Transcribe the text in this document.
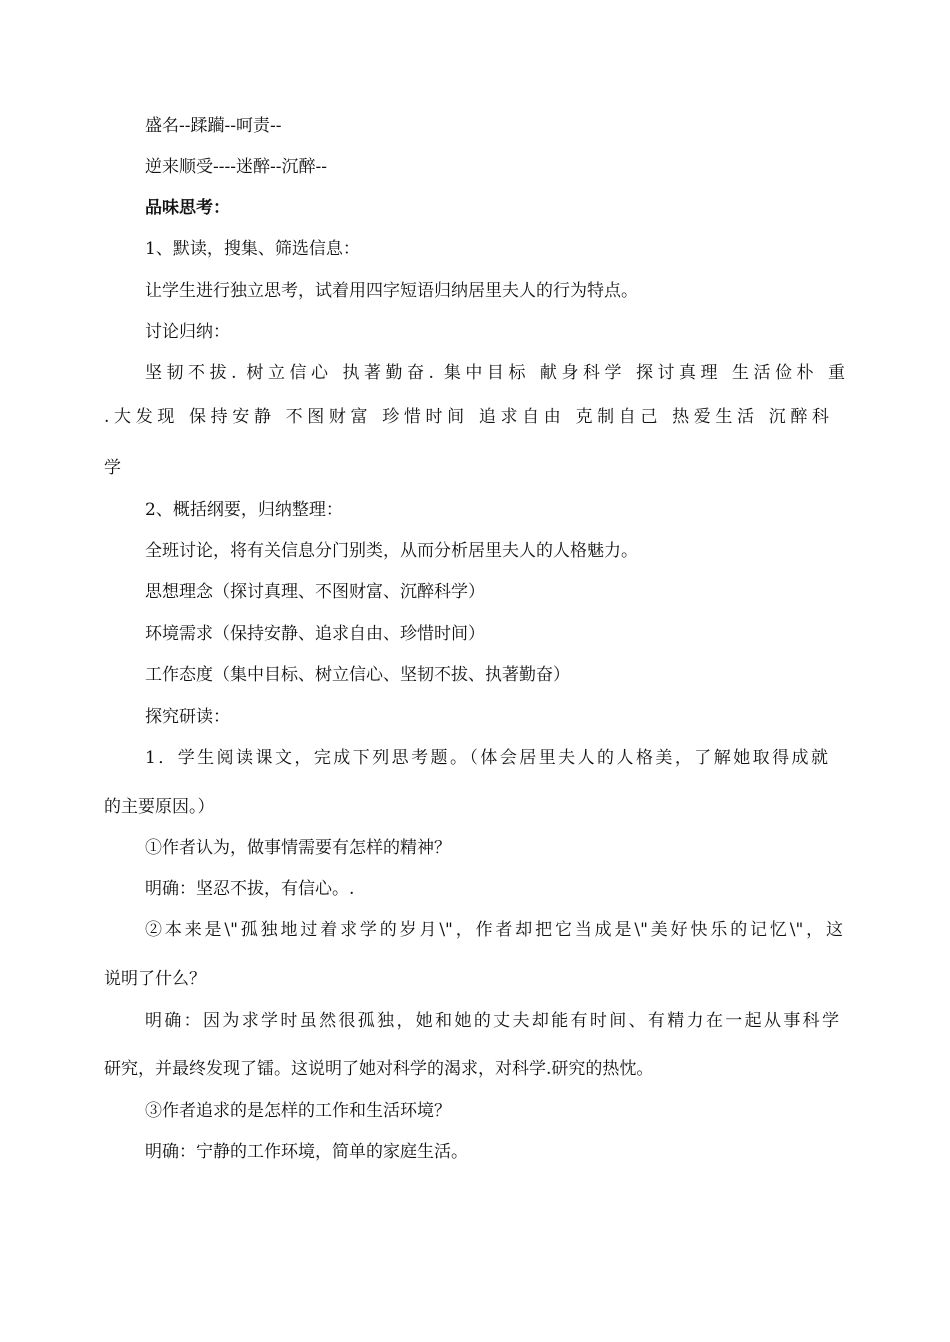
盛名--蹂躏--呵责--
逆来顺受----迷醉--沉醉--
品味思考：
1、默读，搜集、筛选信息：
让学生进行独立思考，试着用四字短语归纳居里夫人的行为特点。
讨论归纳：
坚韧不拔. 树立信心 执著勤奋. 集中目标 献身科学 探讨真理 生活俭朴 重
.大发现 保持安静 不图财富 珍惜时间 追求自由 克制自己 热爱生活 沉醉科
学
2、概括纲要，归纳整理：
全班讨论，将有关信息分门别类，从而分析居里夫人的人格魅力。
思想理念（探讨真理、不图财富、沉醉科学）
环境需求（保持安静、追求自由、珍惜时间）
工作态度（集中目标、树立信心、坚韧不拔、执著勤奋）
探究研读：
1．学生阅读课文，完成下列思考题。（体会居里夫人的人格美，了解她取得成就
的主要原因。）
①作者认为，做事情需要有怎样的精神？
明确：坚忍不拔，有信心。.
②本来是\"孤独地过着求学的岁月\"，作者却把它当成是\"美好快乐的记忆\"，这
说明了什么？
明确：因为求学时虽然很孤独，她和她的丈夫却能有时间、有精力在一起从事科学
研究，并最终发现了镭。这说明了她对科学的渴求，对科学.研究的热忱。
③作者追求的是怎样的工作和生活环境？
明确：宁静的工作环境，简单的家庭生活。
